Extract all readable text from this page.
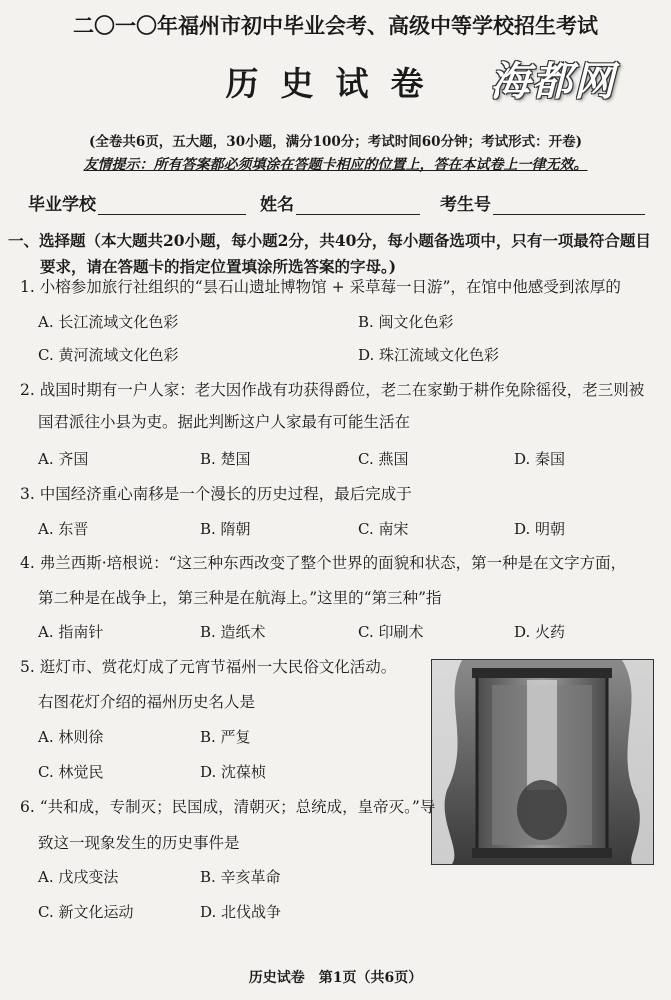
二〇一〇年福州市初中毕业会考、高级中等学校招生考试
历史试卷	海都网
(全卷共6页，五大题，30小题，满分100分；考试时间60分钟；考试形式：开卷)
友情提示：所有答案都必须填涂在答题卡相应的位置上，答在本试卷上一律无效。
毕业学校	姓名	考生号
一、选择题（本大题共20小题，每小题2分，共40分，每小题备选项中，只有一项最符合题目
要求，请在答题卡的指定位置填涂所选答案的字母。)
1. 小榕参加旅行社组织的“昙石山遗址博物馆 + 采草莓一日游”，在馆中他感受到浓厚的
A. 长江流域文化色彩	B. 闽文化色彩
C. 黄河流域文化色彩	D. 珠江流域文化色彩
2. 战国时期有一户人家：老大因作战有功获得爵位，老二在家勤于耕作免除徭役，老三则被
国君派往小县为吏。据此判断这户人家最有可能生活在
A. 齐国	B. 楚国	C. 燕国	D. 秦国
3. 中国经济重心南移是一个漫长的历史过程，最后完成于
A. 东晋	B. 隋朝	C. 南宋	D. 明朝
4. 弗兰西斯·培根说：“这三种东西改变了整个世界的面貌和状态，第一种是在文字方面，
第二种是在战争上，第三种是在航海上。”这里的“第三种”指
A. 指南针	B. 造纸术	C. 印刷术	D. 火药
5. 逛灯市、赏花灯成了元宵节福州一大民俗文化活动。
右图花灯介绍的福州历史名人是
A. 林则徐	B. 严复
C. 林觉民	D. 沈葆桢
6. “共和成，专制灭；民国成，清朝灭；总统成，皇帝灭。”导
致这一现象发生的历史事件是
A. 戊戌变法	B. 辛亥革命
C. 新文化运动	D. 北伐战争
历史试卷　第1页（共6页）
